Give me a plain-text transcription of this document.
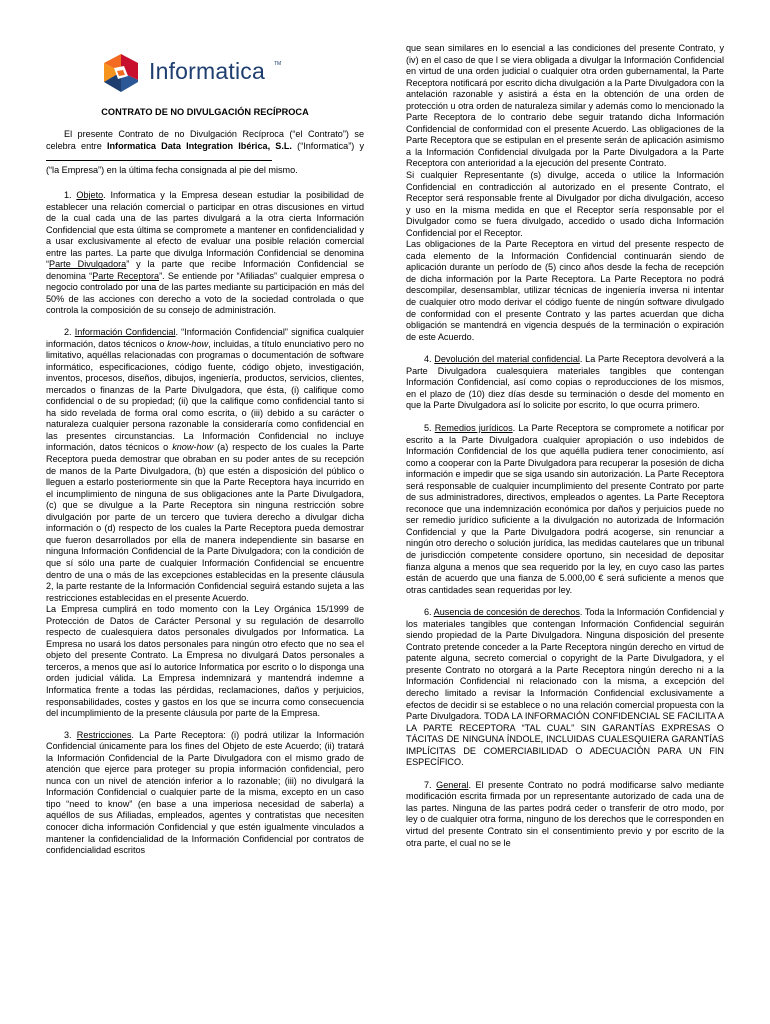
Informatica TM
CONTRATO DE NO DIVULGACIÓN RECÍPROCA

El presente Contrato de no Divulgación Recíproca (“el Contrato”) se celebra entre Informatica Data Integration Ibérica, S.L. (“Informatica”) y
(“la Empresa”) en la última fecha consignada al pie del mismo.

1. Objeto. Informatica y la Empresa desean estudiar la posibilidad de establecer una relación comercial o participar en otras discusiones en virtud de la cual cada una de las partes divulgará a la otra cierta Información Confidencial que esta última se compromete a mantener en confidencialidad y a usar exclusivamente al efecto de evaluar una posible relación comercial entre las partes. La parte que divulga Información Confidencial se denomina “Parte Divulgadora” y la parte que recibe Información Confidencial se denomina “Parte Receptora”. Se entiende por “Afiliadas” cualquier empresa o negocio controlado por una de las partes mediante su participación en más del 50% de las acciones con derecho a voto de la sociedad controlada o que controla la composición de su consejo de administración.

2. Información Confidencial. “Información Confidencial” significa cualquier información, datos técnicos o know-how, incluidas, a título enunciativo pero no limitativo, aquéllas relacionadas con programas o documentación de software informático, especificaciones, código fuente, código objeto, investigación, inventos, procesos, diseños, dibujos, ingeniería, productos, servicios, clientes, mercados o finanzas de la Parte Divulgadora, que ésta, (i) califique como confidencial o de su propiedad; (ii) que la califique como confidencial tanto si ha sido revelada de forma oral como escrita, o (iii) debido a su carácter o naturaleza cualquier persona razonable la consideraría como confidencial en las presentes circunstancias. La Información Confidencial no incluye información, datos técnicos o know-how (a) respecto de los cuales la Parte Receptora pueda demostrar que obraban en su poder antes de su recepción de manos de la Parte Divulgadora, (b) que estén a disposición del público o lleguen a estarlo posteriormente sin que la Parte Receptora haya incurrido en el incumplimiento de ninguna de sus obligaciones ante la Parte Divulgadora, (c) que se divulgue a la Parte Receptora sin ninguna restricción sobre divulgación por parte de un tercero que tuviera derecho a divulgar dicha información o (d) respecto de los cuales la Parte Receptora pueda demostrar que fueron desarrollados por ella de manera independiente sin basarse en ninguna Información Confidencial de la Parte Divulgadora; con la condición de que sí sólo una parte de cualquier Información Confidencial se encuentre dentro de una o más de las excepciones establecidas en la presente cláusula 2, la parte restante de la Información Confidencial seguirá estando sujeta a las restricciones establecidas en el presente Acuerdo.

La Empresa cumplirá en todo momento con la Ley Orgánica 15/1999 de Protección de Datos de Carácter Personal y su regulación de desarrollo respecto de cualesquiera datos personales divulgados por Informatica. La Empresa no usará los datos personales para ningún otro efecto que no sea el objeto del presente Contrato. La Empresa no divulgará Datos personales a terceros, a menos que así lo autorice Informatica por escrito o lo disponga una orden judicial válida. La Empresa indemnizará y mantendrá indemne a Informatica frente a todas las pérdidas, reclamaciones, daños y perjuicios, responsabilidades, costes y gastos en los que se incurra como consecuencia del incumplimiento de la presente cláusula por parte de la Empresa.

3. Restricciones. La Parte Receptora: (i) podrá utilizar la Información Confidencial únicamente para los fines del Objeto de este Acuerdo; (ii) tratará la Información Confidencial de la Parte Divulgadora con el mismo grado de atención que ejerce para proteger su propia información confidencial, pero nunca con un nivel de atención inferior a lo razonable; (iii) no divulgará la Información Confidencial o cualquier parte de la misma, excepto en un caso tipo “need to know” (en base a una imperiosa necesidad de saberla) a aquéllos de sus Afiliadas, empleados, agentes y contratistas que necesiten conocer dicha información Confidencial y que estén igualmente vinculados a mantener la confidencialidad de la Información Confidencial por contratos de confidencialidad escritos

que sean similares en lo esencial a las condiciones del presente Contrato, y (iv) en el caso de que l se viera obligada a divulgar la Información Confidencial en virtud de una orden judicial o cualquier otra orden gubernamental, la Parte Receptora notificará por escrito dicha divulgación a la Parte Divulgadora con la antelación razonable y asistirá a ésta en la obtención de una orden de protección u otra orden de naturaleza similar y además como lo mencionado la Parte Receptora de lo contrario debe seguir tratando dicha Información Confidencial de conformidad con el presente Acuerdo. Las obligaciones de la Parte Receptora que se estipulan en el presente serán de aplicación asimismo a la Información Confidencial divulgada por la Parte Divulgadora a la Parte Receptora con anterioridad a la ejecución del presente Contrato.

Si cualquier Representante (s) divulge, acceda o utilice la Información Confidencial en contradicción al autorizado en el presente Contrato, el Receptor será responsable frente al Divulgador por dicha divulgación, acceso y uso en la misma medida en que el Receptor sería responsable por el Divulgador como se fuera divulgado, accedido o usado dicha Información Confidencial por el Receptor.

Las obligaciones de la Parte Receptora en virtud del presente respecto de cada elemento de la Información Confidencial continuarán siendo de aplicación durante un período de (5) cinco años desde la fecha de recepción de dicha información por la Parte Receptora. La Parte Receptora no podrá descompilar, desensamblar, utilizar técnicas de ingeniería inversa ni intentar de cualquier otro modo derivar el código fuente de ningún software divulgado de conformidad con el presente Contrato y las partes acuerdan que dicha obligación se mantendrá en vigencia después de la terminación o expiración de este Acuerdo.

4. Devolución del material confidencial. La Parte Receptora devolverá a la Parte Divulgadora cualesquiera materiales tangibles que contengan Información Confidencial, así como copias o reproducciones de los mismos, en el plazo de (10) diez días desde su terminación o desde del momento en que la Parte Divulgadora así lo solicite por escrito, lo que ocurra primero.

5. Remedios jurídicos. La Parte Receptora se compromete a notificar por escrito a la Parte Divulgadora cualquier apropiación o uso indebidos de Información Confidencial de los que aquélla pudiera tener conocimiento, así como a cooperar con la Parte Divulgadora para recuperar la posesión de dicha información e impedir que se siga usando sin autorización. La Parte Receptora será responsable de cualquier incumplimiento del presente Contrato por parte de sus administradores, directivos, empleados o agentes. La Parte Receptora reconoce que una indemnización económica por daños y perjuicios puede no ser remedio jurídico suficiente a la divulgación no autorizada de Información Confidencial y que la Parte Divulgadora podrá acogerse, sin renunciar a ningún otro derecho o solución jurídica, las medidas cautelares que un tribunal de jurisdicción competente considere oportuno, sin necesidad de depositar fianza alguna a menos que sea requerido por la ley, en cuyo caso las partes están de acuerdo que una fianza de 5.000,00 € será suficiente a menos que otras cantidades sean requeridas por ley.

6. Ausencia de concesión de derechos. Toda la Información Confidencial y los materiales tangibles que contengan Información Confidencial seguirán siendo propiedad de la Parte Divulgadora. Ninguna disposición del presente Contrato pretende conceder a la Parte Receptora ningún derecho en virtud de patente alguna, secreto comercial o copyright de la Parte Divulgadora, y el presente Contrato no otorgará a la Parte Receptora ningún derecho ni a la Información Confidencial ni relacionado con la misma, a excepción del derecho limitado a revisar la Información Confidencial exclusivamente a efectos de decidir si se establece o no una relación comercial propuesta con la Parte Divulgadora. TODA LA INFORMACIÓN CONFIDENCIAL SE FACILITA A LA PARTE RECEPTORA “TAL CUAL” SIN GARANTÍAS EXPRESAS O TÁCITAS DE NINGUNA ÍNDOLE, INCLUIDAS CUALESQUIERA GARANTÍAS IMPLÍCITAS DE COMERCIABILIDAD O ADECUACIÓN PARA UN FIN ESPECÍFICO.

7. General. El presente Contrato no podrá modificarse salvo mediante modificación escrita firmada por un representante autorizado de cada una de las partes. Ninguna de las partes podrá ceder o transferir de otro modo, por ley o de cualquier otra forma, ninguno de los derechos que le corresponden en virtud del presente Contrato sin el consentimiento previo y por escrito de la otra parte, el cual no se le
